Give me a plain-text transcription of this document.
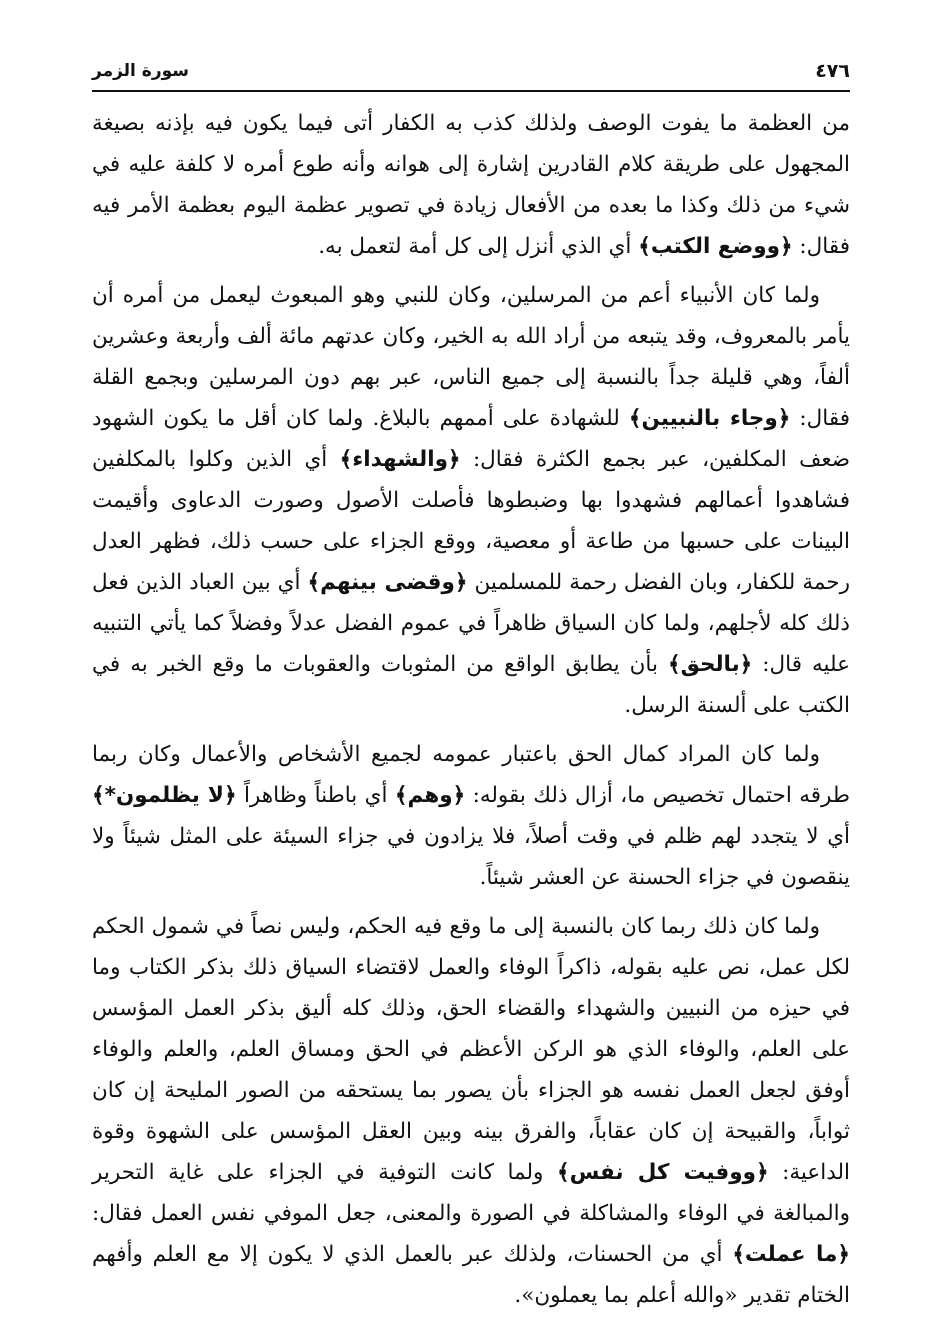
٤٧٦
سورة الزمر

من العظمة ما يفوت الوصف ولذلك كذب به الكفار أتى فيما يكون فيه بإذنه بصيغة المجهول على طريقة كلام القادرين إشارة إلى هوانه وأنه طوع أمره لا كلفة عليه في شيء من ذلك وكذا ما بعده من الأفعال زيادة في تصوير عظمة اليوم بعظمة الأمر فيه فقال: ﴿ووضع الكتب﴾ أي الذي أنزل إلى كل أمة لتعمل به.

ولما كان الأنبياء أعم من المرسلين، وكان للنبي وهو المبعوث ليعمل من أمره أن يأمر بالمعروف، وقد يتبعه من أراد الله به الخير، وكان عدتهم مائة ألف وأربعة وعشرين ألفاً، وهي قليلة جداً بالنسبة إلى جميع الناس، عبر بهم دون المرسلين وبجمع القلة فقال: ﴿وجاء بالنبيين﴾ للشهادة على أممهم بالبلاغ. ولما كان أقل ما يكون الشهود ضعف المكلفين، عبر بجمع الكثرة فقال: ﴿والشهداء﴾ أي الذين وكلوا بالمكلفين فشاهدوا أعمالهم فشهدوا بها وضبطوها فأصلت الأصول وصورت الدعاوى وأقيمت البينات على حسبها من طاعة أو معصية، ووقع الجزاء على حسب ذلك، فظهر العدل رحمة للكفار، وبان الفضل رحمة للمسلمين ﴿وقضى بينهم﴾ أي بين العباد الذين فعل ذلك كله لأجلهم، ولما كان السياق ظاهراً في عموم الفضل عدلاً وفضلاً كما يأتي التنبيه عليه قال: ﴿بالحق﴾ بأن يطابق الواقع من المثوبات والعقوبات ما وقع الخبر به في الكتب على ألسنة الرسل.

ولما كان المراد كمال الحق باعتبار عمومه لجميع الأشخاص والأعمال وكان ربما طرقه احتمال تخصيص ما، أزال ذلك بقوله: ﴿وهم﴾ أي باطناً وظاهراً ﴿لا يظلمون*﴾ أي لا يتجدد لهم ظلم في وقت أصلاً، فلا يزادون في جزاء السيئة على المثل شيئاً ولا ينقصون في جزاء الحسنة عن العشر شيئاً.

ولما كان ذلك ربما كان بالنسبة إلى ما وقع فيه الحكم، وليس نصاً في شمول الحكم لكل عمل، نص عليه بقوله، ذاكراً الوفاء والعمل لاقتضاء السياق ذلك بذكر الكتاب وما في حيزه من النبيين والشهداء والقضاء الحق، وذلك كله أليق بذكر العمل المؤسس على العلم، والوفاء الذي هو الركن الأعظم في الحق ومساق العلم، والعلم والوفاء أوفق لجعل العمل نفسه هو الجزاء بأن يصور بما يستحقه من الصور المليحة إن كان ثواباً، والقبيحة إن كان عقاباً، والفرق بينه وبين العقل المؤسس على الشهوة وقوة الداعية: ﴿ووفيت كل نفس﴾ ولما كانت التوفية في الجزاء على غاية التحرير والمبالغة في الوفاء والمشاكلة في الصورة والمعنى، جعل الموفي نفس العمل فقال: ﴿ما عملت﴾ أي من الحسنات، ولذلك عبر بالعمل الذي لا يكون إلا مع العلم وأفهم الختام تقدير «والله أعلم بما يعملون».
